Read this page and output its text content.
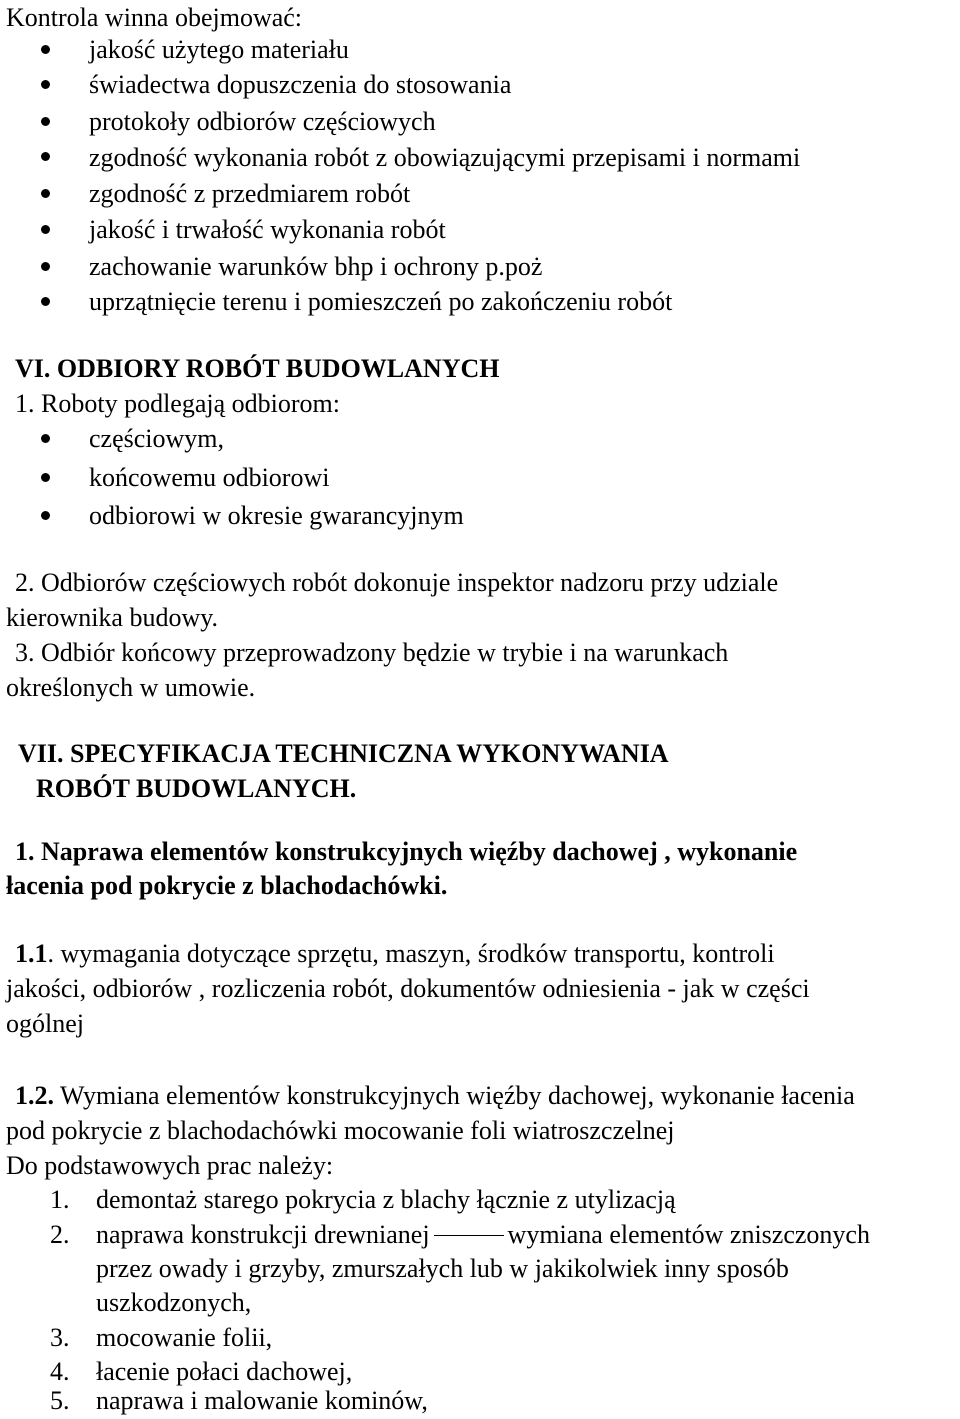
Kontrola winna obejmować:
jakość użytego materiału
świadectwa dopuszczenia do stosowania
protokoły odbiorów częściowych
zgodność wykonania robót z obowiązującymi przepisami i normami
zgodność z przedmiarem robót
jakość i trwałość wykonania robót
zachowanie warunków bhp i ochrony p.poż
uprzątnięcie terenu i pomieszczeń po zakończeniu robót
VI. ODBIORY ROBÓT BUDOWLANYCH
1. Roboty podlegają odbiorom:
częściowym,
końcowemu odbiorowi
odbiorowi w okresie gwarancyjnym
2. Odbiorów częściowych robót dokonuje inspektor nadzoru przy udziale
kierownika budowy.
3. Odbiór końcowy przeprowadzony będzie w trybie i na warunkach
określonych w umowie.
VII. SPECYFIKACJA TECHNICZNA WYKONYWANIA
ROBÓT BUDOWLANYCH.
1. Naprawa elementów konstrukcyjnych więźby dachowej , wykonanie
łacenia pod pokrycie z blachodachówki.
1.1. wymagania dotyczące sprzętu, maszyn, środków transportu, kontroli
jakości, odbiorów , rozliczenia robót, dokumentów odniesienia - jak w części
ogólnej
1.2. Wymiana elementów konstrukcyjnych więźby dachowej, wykonanie łacenia
pod pokrycie z blachodachówki mocowanie foli wiatroszczelnej
Do podstawowych prac należy:
1. demontaż starego pokrycia z blachy łącznie z utylizacją
2. naprawa konstrukcji drewnianej	wymiana elementów zniszczonych
przez owady i grzyby, zmurszałych lub w jakikolwiek inny sposób
uszkodzonych,
3. mocowanie folii,
4. łacenie połaci dachowej,
5. naprawa i malowanie kominów,
